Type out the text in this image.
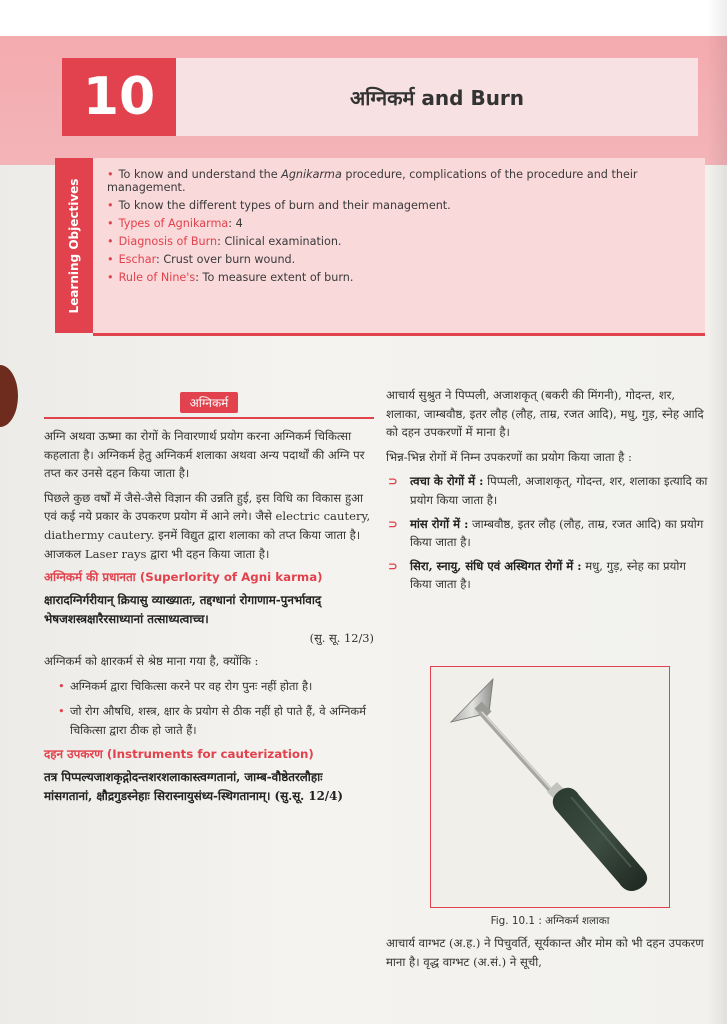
10	अग्निकर्म and Burn
Learning Objectives
• To know and understand the Agnikarma procedure, complications of the procedure and their management.
• To know the different types of burn and their management.
• Types of Agnikarma: 4
• Diagnosis of Burn: Clinical examination.
• Eschar: Crust over burn wound.
• Rule of Nine's: To measure extent of burn.
अग्निकर्म

अग्नि अथवा ऊष्मा का रोगों के निवारणार्थ प्रयोग करना अग्निकर्म चिकित्सा कहलाता है। अग्निकर्म हेतु अग्निकर्म शलाका अथवा अन्य पदार्थों की अग्नि पर तप्त कर उनसे दहन किया जाता है।

पिछले कुछ वर्षों में जैसे-जैसे विज्ञान की उन्नति हुई, इस विधि का विकास हुआ एवं कई नये प्रकार के उपकरण प्रयोग में आने लगे। जैसे electric cautery, diathermy cautery. इनमें विद्युत द्वारा शलाका को तप्त किया जाता है। आजकल Laser rays द्वारा भी दहन किया जाता है।

अग्निकर्म की प्रधानता (Superlority of Agni karma)

क्षारादग्निर्गरीयान् क्रियासु व्याख्यातः, तद्दग्धानां रोगाणाम-पुनर्भावाद् भेषजशस्त्रक्षारैरसाध्यानां तत्साध्यत्वाच्च।

(सु. सू. 12/3)

अग्निकर्म को क्षारकर्म से श्रेष्ठ माना गया है, क्योंकि :

• अग्निकर्म द्वारा चिकित्सा करने पर वह रोग पुनः नहीं होता है।
• जो रोग औषधि, शस्त्र, क्षार के प्रयोग से ठीक नहीं हो पाते हैं, वे अग्निकर्म चिकित्सा द्वारा ठीक हो जाते हैं।
दहन उपकरण (Instruments for cauterization)

तत्र पिप्पल्यजाशकृद्गोदन्तशरशलाकास्त्वग्गतानां, जाम्ब-वौष्ठेतरलौहाः मांसगतानां, क्षौद्रगुडस्नेहाः सिरास्नायुसंध्य-स्थिगतानाम्। (सु.सू. 12/4)

आचार्य सुश्रुत ने पिप्पली, अजाशकृत् (बकरी की मिंगनी), गोदन्त, शर, शलाका, जाम्बवौष्ठ, इतर लौह (लौह, ताम्र, रजत आदि), मधु, गुड़, स्नेह आदि को दहन उपकरणों में माना है।

भिन्न-भिन्न रोगों में निम्न उपकरणों का प्रयोग किया जाता है :

⊃ त्वचा के रोगों में : पिप्पली, अजाशकृत्, गोदन्त, शर, शलाका इत्यादि का प्रयोग किया जाता है।
⊃ मांस रोगों में : जाम्बवौष्ठ, इतर लौह (लौह, ताम्र, रजत आदि) का प्रयोग किया जाता है।
⊃ सिरा, स्नायु, संधि एवं अस्थिगत रोगों में : मधु, गुड़, स्नेह का प्रयोग किया जाता है।
Fig. 10.1 : अग्निकर्म शलाका

आचार्य वाग्भट (अ.ह.) ने पिचुवर्ति, सूर्यकान्त और मोम को भी दहन उपकरण माना है। वृद्ध वाग्भट (अ.सं.) ने सूची,
